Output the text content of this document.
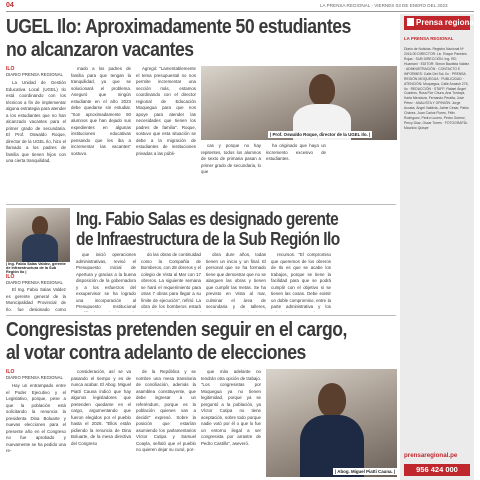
04	LA PRENSA REGIONAL - VIERNES 03 DE ENERO DEL 2023
UGEL Ilo: Aproximadamente 50 estudiantes
no alcanzaron vacantes
ILO
DIARIO PRENSA REGIONAL

La Unidad de Gestión Educativa Local (UGEL) Ilo está coordinando con los técnicos a fin de implementar alguna estrategia para atender a los estudiantes que no han alcanzado vacantes para el primer grado de secundaria. El Prof. Oswaldo Roque, director de la UGEL Ilo, hizo el llamado a los padres de familia que tienen hijos con una cierta tranquilidad,

mado a los padres de familia para que tengan la tranquilidad, ya que se solucionará el problema. Aseguró que ningún estudiante en el año 2023 debe quedarse sin estudiar. "Son aproximadamente 50 alumnos que han dejado sus expedientes en algunas instituciones educativas pensando que les iba a incrementar las vacantes" sostuvo.

Agregó: "Lamentablemente el tema presupuestal no nos permite incrementar una sección más, estamos coordinando con el director regional de Educación Moquegua para que nos apoye para atender las necesidades que tienen los padres de familia". Roque, sostuvo que esta situación se debe a la migración de estudiantes de instituciones privadas a las públi-

| Prof. Oswaldo Roque, director de la UGEL Ilo. |

cas y porque no hay repitentes, todos los alumnos de sexto de primaria pasan a primer grado de secundaria, lo que

ha originado que haya un incremento excesivo de estudiantes.

| Ing. Fabio Salas Valdez, gerente de Infraestructura de la Sub Región Ilo |
Ing. Fabio Salas es designado gerente
de Infraestructura de la Sub Región Ilo
ILO
DIARIO PRENSA REGIONAL

El Ing. Fabio Salas Valdez es gerente general de la Municipalidad Provincial de Ilo, fue designado como

que inició operaciones administrativas, revisó el Presupuesto Inicial de Apertura y gracias a la buena disposición de la gobernadora y a los esfuerzos del exsupervisor se ha logrado una incorporación al Presupuesto Institucional

do las obras de continuidad como la Compañía de Bomberos, con 28 obreros y el colegio de Vista al Mar con 17 obreros. La siguiente semana se hará el requerimiento para otras 7 obras para llegar a su límite de ejecución", refirió. La obra de los bomberos estará

obra dure años, todas tienen un inicio y un final. El personal que se ha formado tiene que demostrar que no se alarguen las obras y tienen que cumplir las metas. Se ha previsto en Vista al mar, culminar el área de secundaria y de talleres,

recursos. "El compromiso que queremos de los obreros de Ilo es que se acabe los trabajos, porque se tiene la facilidad para que se podrá cumplir con el objetivo si se tienen las cosas. Debe existir un doble compromiso, entre la parte administrativa y los

Congresistas pretenden seguir en el cargo,
al votar contra adelanto de elecciones
ILO
DIARIO PRENSA REGIONAL

Hay un entrampado entre el Poder Ejecutivo y el Legislativo, porque, pese a que la población está solicitando la renuncia la presidenta Dina Boluarte y nuevas elecciones para el presente año en el Congreso no fue aprobado y nuevamente se ha pedido una re-

consideración, así se va pasando el tiempo y es de nunca acabar. El Abog. Miguel Piatti Cauna indicó que hay algunos legisladores que pretenden quedarse en el cargo, argumentando que fueron elegidos por el pueblo hasta el 2026. "Ellos están pidiendo la renuncia de Dina Boluarte, de la mesa directiva del Congreso

de la República y se nombre una mesa transitoria de conciliación, además la asamblea constituyente, que debe ingresar a un referéndum, porque es la población quienes van a decidir" expresó. Sobre la posición que estarían asumiendo los parlamentarios Víctor Cutipa y Samuel Coayla, señaló que el pueblo no quieren dejar su curul, por-

que más adelante no tendrán otra opción de trabajo. "Los congresistas por Moquegua ya no tienen legitimidad, porque ya se perguntó a la población, ya Víctor Cutipa no tiene aceptación, sobre todo porque nadie votó por él o que lo fue un entorno ilegal a ser congresista por arrastre de Pedro Castillo", aseveró.

| Abog. Miguel Piatti Cauna. |
Prensa regional
LA PRENSA REGIONAL
Diario de Noticias. Registro Nacional Nº 2016-00 DIRECTOR: Lic. Roque Paredes Rojas · SUB DIRECCIÓN: Ing. RD: Huamani · EDITOR: Simon Bautista Valdez · ADMINISTRACIÓN · CONTACTO E INFORMES: Calle Del Sol, Ilo · PRENSA REGIÓN MOQUEGUA · PUBLICIDAD · ATENCIÓN: Moquegua, Calle Ancash 275, Ilo · REDACCIÓN · STAFF: Rafael Ángel Cuadros, Rosa Flor Chura, Ana Tordoya, Karla Mendoza, Fernando Peralta, José Pérez · ANALISTA Y OPINIÓN: Jorge Acosta, Ángel Valdivia, Jaime Cesar, Pablo Chávez, Juan Carlos Flores, Félix Rodríguez, Pedro Lucero, Pedro Gómez, Percy Díaz, Oscar Torres · FOTOGRAFÍA: Mauricio Quispe
prensaregional.pe
956 424 000
